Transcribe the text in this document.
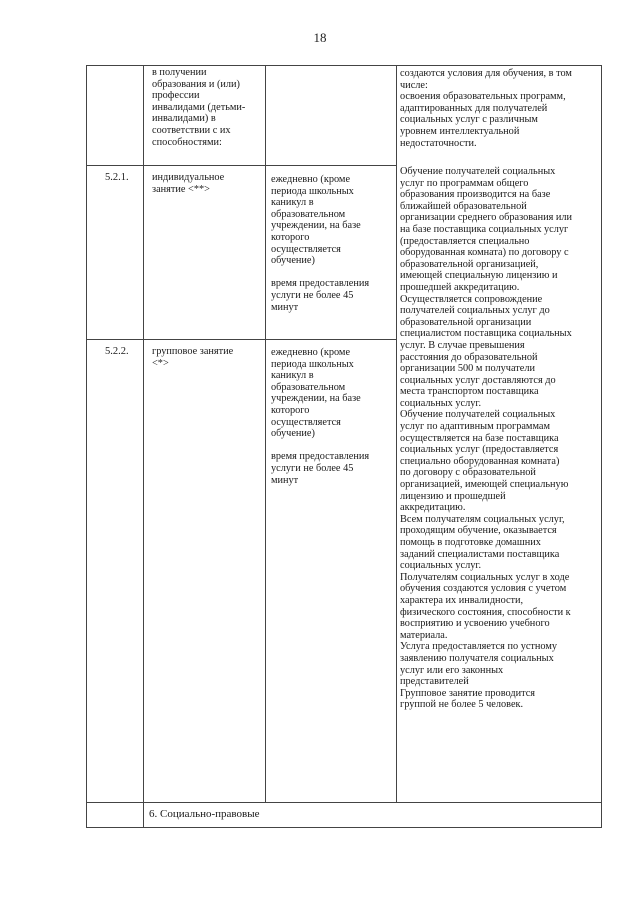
18
в получении
образования и (или)
профессии
инвалидами (детьми-
инвалидами) в
соответствии с их
способностями:
5.2.1.	индивидуальное
занятие <**>
ежедневно (кроме
периода школьных
каникул в
образовательном
учреждении, на базе
которого
осуществляется
обучение)

время предоставления
услуги не более 45
минут
5.2.2.	групповое занятие
<*>
ежедневно (кроме
периода школьных
каникул в
образовательном
учреждении, на базе
которого
осуществляется
обучение)

время предоставления
услуги не более 45
минут
создаются условия для обучения, в том
числе:
освоения образовательных программ,
адаптированных для получателей
социальных услуг с различным
уровнем интеллектуальной
недостаточности.
Обучение получателей социальных
услуг по программам общего
образования производится на базе
ближайшей образовательной
организации среднего образования или
на базе поставщика социальных услуг
(предоставляется специально
оборудованная комната) по договору с
образовательной организацией,
имеющей специальную лицензию и
прошедшей аккредитацию.
Осуществляется сопровождение
получателей социальных услуг до
образовательной организации
специалистом поставщика социальных
услуг. В случае превышения
расстояния до образовательной
организации 500 м получатели
социальных услуг доставляются до
места транспортом поставщика
социальных услуг.
Обучение получателей социальных
услуг по адаптивным программам
осуществляется на базе поставщика
социальных услуг (предоставляется
специально оборудованная комната)
по договору с образовательной
организацией, имеющей специальную
лицензию и прошедшей
аккредитацию.
Всем получателям социальных услуг,
проходящим обучение, оказывается
помощь в подготовке домашних
заданий специалистами поставщика
социальных услуг.
Получателям социальных услуг в ходе
обучения создаются условия с учетом
характера их инвалидности,
физического состояния, способности к
восприятию и усвоению учебного
материала.
Услуга предоставляется по устному
заявлению получателя социальных
услуг или его законных
представителей
Групповое занятие проводится
группой не более 5 человек.
6. Социально-правовые
